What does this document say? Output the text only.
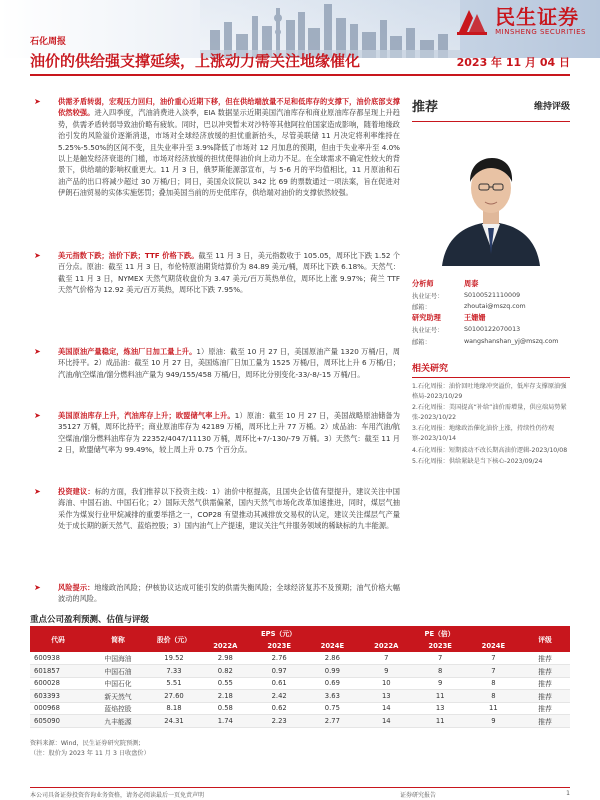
民生证券
MINSHENG SECURITIES
石化周报
油价的供给强支撑延续，上涨动力需关注地缘催化	2023 年 11 月 04 日
➤ 供需矛盾转弱，宏观压力回归，油价重心近期下移，但在供给端放量不足和低库存的支撑下，油价底部支撑依然较强。进入四季度，汽油消费进入淡季，EIA 数据显示近期美国汽油库存和商业原油库存都呈现上升趋势，供需矛盾转弱导致油价略有疲软。同时，巴以冲突暂未对沙特等其他阿拉伯国家造成影响，随着地缘政治引发的风险溢价逐渐消退，市场对全球经济放缓的担忧重新抬头，尽管美联储 11 月决定将利率维持在 5.25%-5.50%的区间不变，且失业率升至 3.9%降低了市场对 12 月加息的预期，但由于失业率升至 4.0%以上是触发经济衰退的门槛，市场对经济放缓的担忧使得油价向上动力不足。在全球需求不确定性较大的背景下，供给端的影响权重更大。11 月 3 日，俄罗斯能源部宣布，与 5-6 月的平均值相比，11 月原油和石油产品的出口将减少超过 30 万桶/日；同日，美国众议院以 342 比 69 的票数通过一项法案，旨在促进对伊朗石油贸易的实体实施惩罚；叠加美国当前的历史低库存，供给端对油价的支撑依然较强。
➤ 美元指数下跌；油价下跌；TTF 价格下跌。截至 11 月 3 日，美元指数收于 105.05，周环比下跌 1.52 个百分点。原油：截至 11 月 3 日，布伦特原油期货结算价为 84.89 美元/桶，周环比下跌 6.18%。天然气：截至 11 月 3 日，NYMEX 天然气期货收盘价为 3.47 美元/百万英热单位，周环比上涨 9.97%；荷兰 TTF 天然气价格为 12.92 美元/百万英热，周环比下跌 7.95%。
➤ 美国原油产量稳定，炼油厂日加工量上升。1）原油：截至 10 月 27 日，美国原油产量 1320 万桶/日，周环比持平。2）成品油：截至 10 月 27 日，美国炼油厂日加工量为 1525 万桶/日，周环比上升 6 万桶/日；汽油/航空煤油/馏分燃料油产量为 949/155/458 万桶/日，周环比分别变化-33/-8/-15 万桶/日。
➤ 美国原油库存上升，汽油库存上升；欧盟储气率上升。1）原油：截至 10 月 27 日，美国战略原油储备为 35127 万桶，周环比持平；商业原油库存为 42189 万桶，周环比上升 77 万桶。2）成品油：车用汽油/航空煤油/馏分燃料油库存为 22352/4047/11130 万桶，周环比+7/-130/-79 万桶。3）天然气：截至 11 月 2 日，欧盟储气率为 99.49%，较上周上升 0.75 个百分点。
➤ 投资建议：标的方面，我们推荐以下投资主线：1）油价中枢提高，且国央企估值有望提升，建议关注中国海油、中国石油、中国石化；2）国际天然气供需偏紧，国内天然气市场化改革加速推进，同时，煤层气抽采作为煤炭行业甲烷减排的重要举措之一，COP28 有望推动其减排放交易权的认定，建议关注煤层气产量处于成长期的新天然气、蓝焰控股；3）国内油气上产提速，建议关注气井服务领域的稀缺标的九丰能源。
➤ 风险提示：地缘政治风险；伊核协议达成可能引发的供需失衡风险；全球经济复苏不及预期；油气价格大幅波动的风险。
推荐	维持评级
分析师	周泰
执业证号：	S0100521110009
邮箱：	zhoutai@mszq.com
研究助理	王姗姗
执业证号：	S0100122070013
邮箱：	wangshanshan_yj@mszq.com
相关研究
1.石化周报：油价回吐地缘冲突溢价，低库存支撑原油强格局-2023/10/29
2.石化周报：美国提高“补给”油价需增量，供应端局势紧张-2023/10/22
3.石化周报：地缘政治催化油价上涨，持续性仍待观察-2023/10/14
4.石化周报：短期波动不改长期高油价逻辑-2023/10/08
5.石化周报：供给紧缺是当下核心-2023/09/24
重点公司盈利预测、估值与评级
代码	简称	股价（元）	EPS（元）			PE（倍）			评级
			2022A	2023E	2024E	2022A	2023E	2024E	
600938	中国海油	19.52	2.98	2.76	2.86	7	7	7	推荐
601857	中国石油	7.33	0.82	0.97	0.99	9	8	7	推荐
600028	中国石化	5.51	0.55	0.61	0.69	10	9	8	推荐
603393	新天然气	27.60	2.18	2.42	3.63	13	11	8	推荐
000968	蓝焰控股	8.18	0.58	0.62	0.75	14	13	11	推荐
605090	九丰能源	24.31	1.74	2.23	2.77	14	11	9	推荐
资料来源：Wind，民生证券研究院预测;
（注：股价为 2023 年 11 月 3 日收盘价）
本公司具备证券投资咨询业务资格，请务必阅读最后一页免责声明	证券研究报告	1
